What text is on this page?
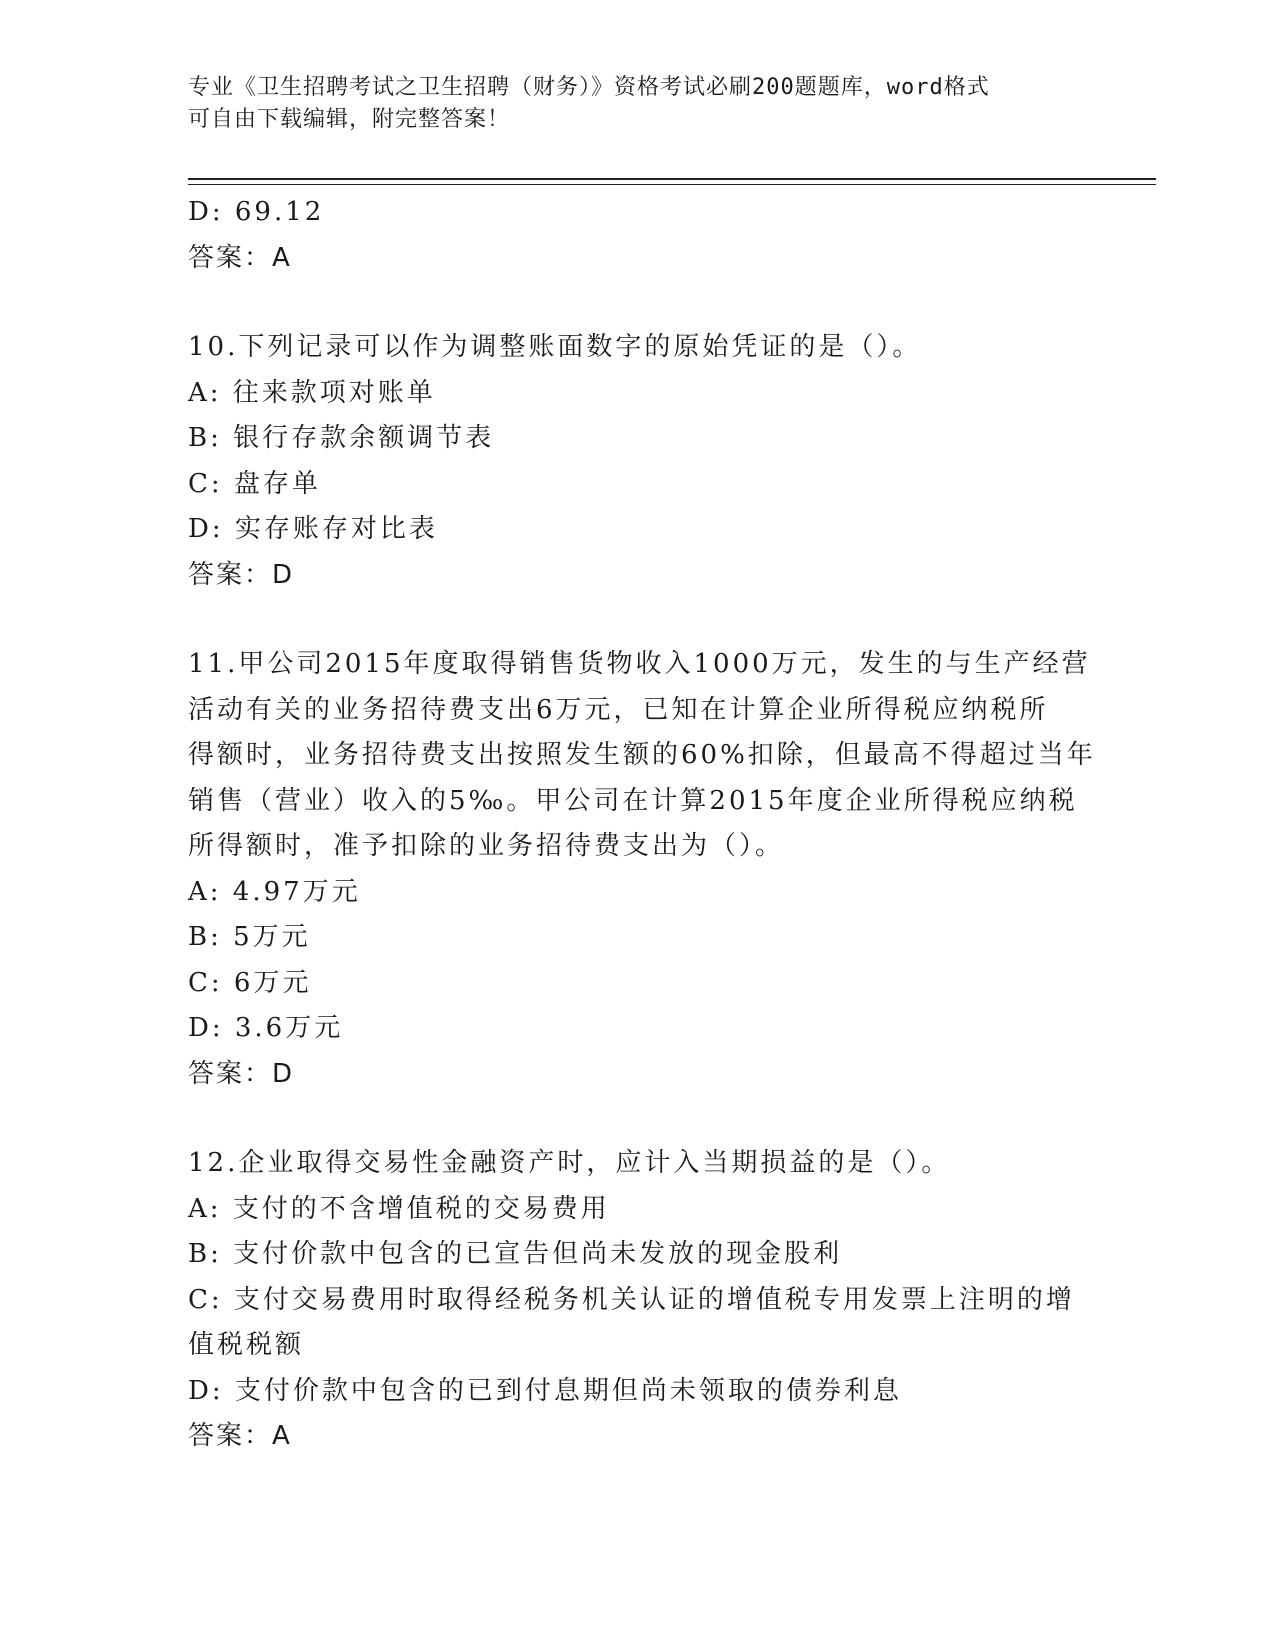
专业《卫生招聘考试之卫生招聘（财务）》资格考试必刷200题题库，word格式
可自由下载编辑，附完整答案！
D: 69.12
答案：A
10.下列记录可以作为调整账面数字的原始凭证的是（）。
A: 往来款项对账单
B: 银行存款余额调节表
C: 盘存单
D: 实存账存对比表
答案：D
11.甲公司2015年度取得销售货物收入1000万元，发生的与生产经营
活动有关的业务招待费支出6万元，已知在计算企业所得税应纳税所
得额时，业务招待费支出按照发生额的60%扣除，但最高不得超过当年
销售（营业）收入的5‰。甲公司在计算2015年度企业所得税应纳税
所得额时，准予扣除的业务招待费支出为（）。
A: 4.97万元
B: 5万元
C: 6万元
D: 3.6万元
答案：D
12.企业取得交易性金融资产时，应计入当期损益的是（）。
A: 支付的不含增值税的交易费用
B: 支付价款中包含的已宣告但尚未发放的现金股利
C: 支付交易费用时取得经税务机关认证的增值税专用发票上注明的增
值税税额
D: 支付价款中包含的已到付息期但尚未领取的债券利息
答案：A
